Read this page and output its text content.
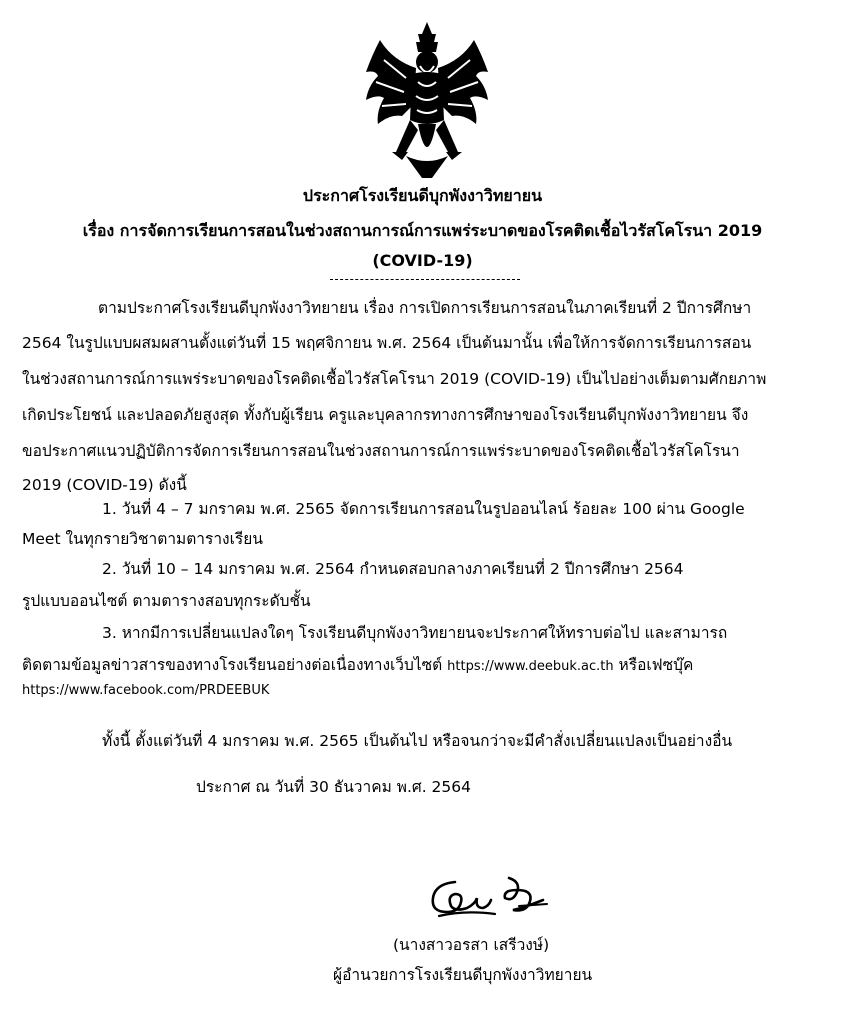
ประกาศโรงเรียนดีบุกพังงาวิทยายน
เรื่อง การจัดการเรียนการสอนในช่วงสถานการณ์การแพร่ระบาดของโรคติดเชื้อไวรัสโคโรนา 2019
(COVID-19)
ตามประกาศโรงเรียนดีบุกพังงาวิทยายน เรื่อง การเปิดการเรียนการสอนในภาคเรียนที่ 2 ปีการศึกษา
2564 ในรูปแบบผสมผสานตั้งแต่วันที่ 15 พฤศจิกายน พ.ศ. 2564 เป็นต้นมานั้น เพื่อให้การจัดการเรียนการสอน
ในช่วงสถานการณ์การแพร่ระบาดของโรคติดเชื้อไวรัสโคโรนา 2019 (COVID-19) เป็นไปอย่างเต็มตามศักยภาพ
เกิดประโยชน์ และปลอดภัยสูงสุด ทั้งกับผู้เรียน ครูและบุคลากรทางการศึกษาของโรงเรียนดีบุกพังงาวิทยายน จึง
ขอประกาศแนวปฏิบัติการจัดการเรียนการสอนในช่วงสถานการณ์การแพร่ระบาดของโรคติดเชื้อไวรัสโคโรนา
2019 (COVID-19) ดังนี้
1. วันที่ 4 – 7 มกราคม พ.ศ. 2565 จัดการเรียนการสอนในรูปออนไลน์ ร้อยละ 100 ผ่าน Google
Meet ในทุกรายวิชาตามตารางเรียน
2. วันที่ 10 – 14 มกราคม พ.ศ. 2564 กำหนดสอบกลางภาคเรียนที่ 2 ปีการศึกษา 2564
รูปแบบออนไซต์ ตามตารางสอบทุกระดับชั้น
3. หากมีการเปลี่ยนแปลงใดๆ โรงเรียนดีบุกพังงาวิทยายนจะประกาศให้ทราบต่อไป และสามารถ
ติดตามข้อมูลข่าวสารของทางโรงเรียนอย่างต่อเนื่องทางเว็บไซต์ https://www.deebuk.ac.th หรือเฟซบุ๊ค
https://www.facebook.com/PRDEEBUK
ทั้งนี้ ตั้งแต่วันที่ 4 มกราคม พ.ศ. 2565 เป็นต้นไป หรือจนกว่าจะมีคำสั่งเปลี่ยนแปลงเป็นอย่างอื่น
ประกาศ ณ วันที่ 30 ธันวาคม พ.ศ. 2564
(นางสาวอรสา เสรีวงษ์)
ผู้อำนวยการโรงเรียนดีบุกพังงาวิทยายน
